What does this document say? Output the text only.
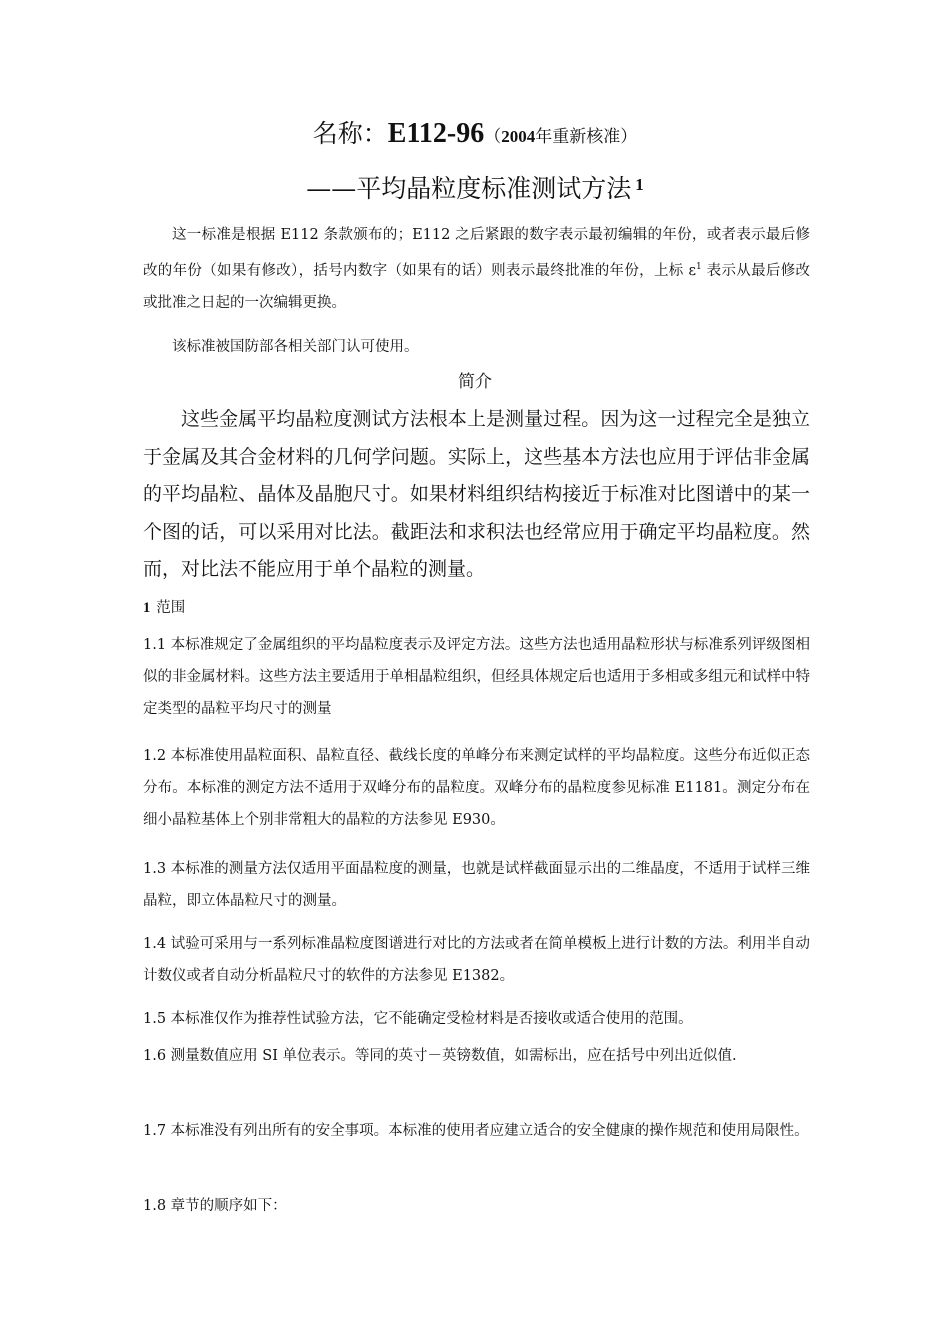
名称：E112-96（2004年重新核准）
——平均晶粒度标准测试方法 $^1$
这一标准是根据 E112 条款颁布的；E112 之后紧跟的数字表示最初编辑的年份，或者表示最后修改的年份（如果有修改），括号内数字（如果有的话）则表示最终批准的年份，上标 $\varepsilon^1$ 表示从最后修改或批准之日起的一次编辑更换。
该标准被国防部各相关部门认可使用。
简介
这些金属平均晶粒度测试方法根本上是测量过程。因为这一过程完全是独立于金属及其合金材料的几何学问题。实际上，这些基本方法也应用于评估非金属的平均晶粒、晶体及晶胞尺寸。如果材料组织结构接近于标准对比图谱中的某一个图的话，可以采用对比法。截距法和求积法也经常应用于确定平均晶粒度。然而，对比法不能应用于单个晶粒的测量。
1 范围
1.1 本标准规定了金属组织的平均晶粒度表示及评定方法。这些方法也适用晶粒形状与标准系列评级图相似的非金属材料。这些方法主要适用于单相晶粒组织，但经具体规定后也适用于多相或多组元和试样中特定类型的晶粒平均尺寸的测量
1.2 本标准使用晶粒面积、晶粒直径、截线长度的单峰分布来测定试样的平均晶粒度。这些分布近似正态分布。本标准的测定方法不适用于双峰分布的晶粒度。双峰分布的晶粒度参见标准 E1181。测定分布在细小晶粒基体上个别非常粗大的晶粒的方法参见 E930。
1.3 本标准的测量方法仅适用平面晶粒度的测量，也就是试样截面显示出的二维晶度，不适用于试样三维晶粒，即立体晶粒尺寸的测量。
1.4 试验可采用与一系列标准晶粒度图谱进行对比的方法或者在简单模板上进行计数的方法。利用半自动计数仪或者自动分析晶粒尺寸的软件的方法参见 E1382。
1.5 本标准仅作为推荐性试验方法，它不能确定受检材料是否接收或适合使用的范围。
1.6 测量数值应用 SI 单位表示。等同的英寸－英镑数值，如需标出，应在括号中列出近似值.
1.7 本标准没有列出所有的安全事项。本标准的使用者应建立适合的安全健康的操作规范和使用局限性。
1.8 章节的顺序如下：
